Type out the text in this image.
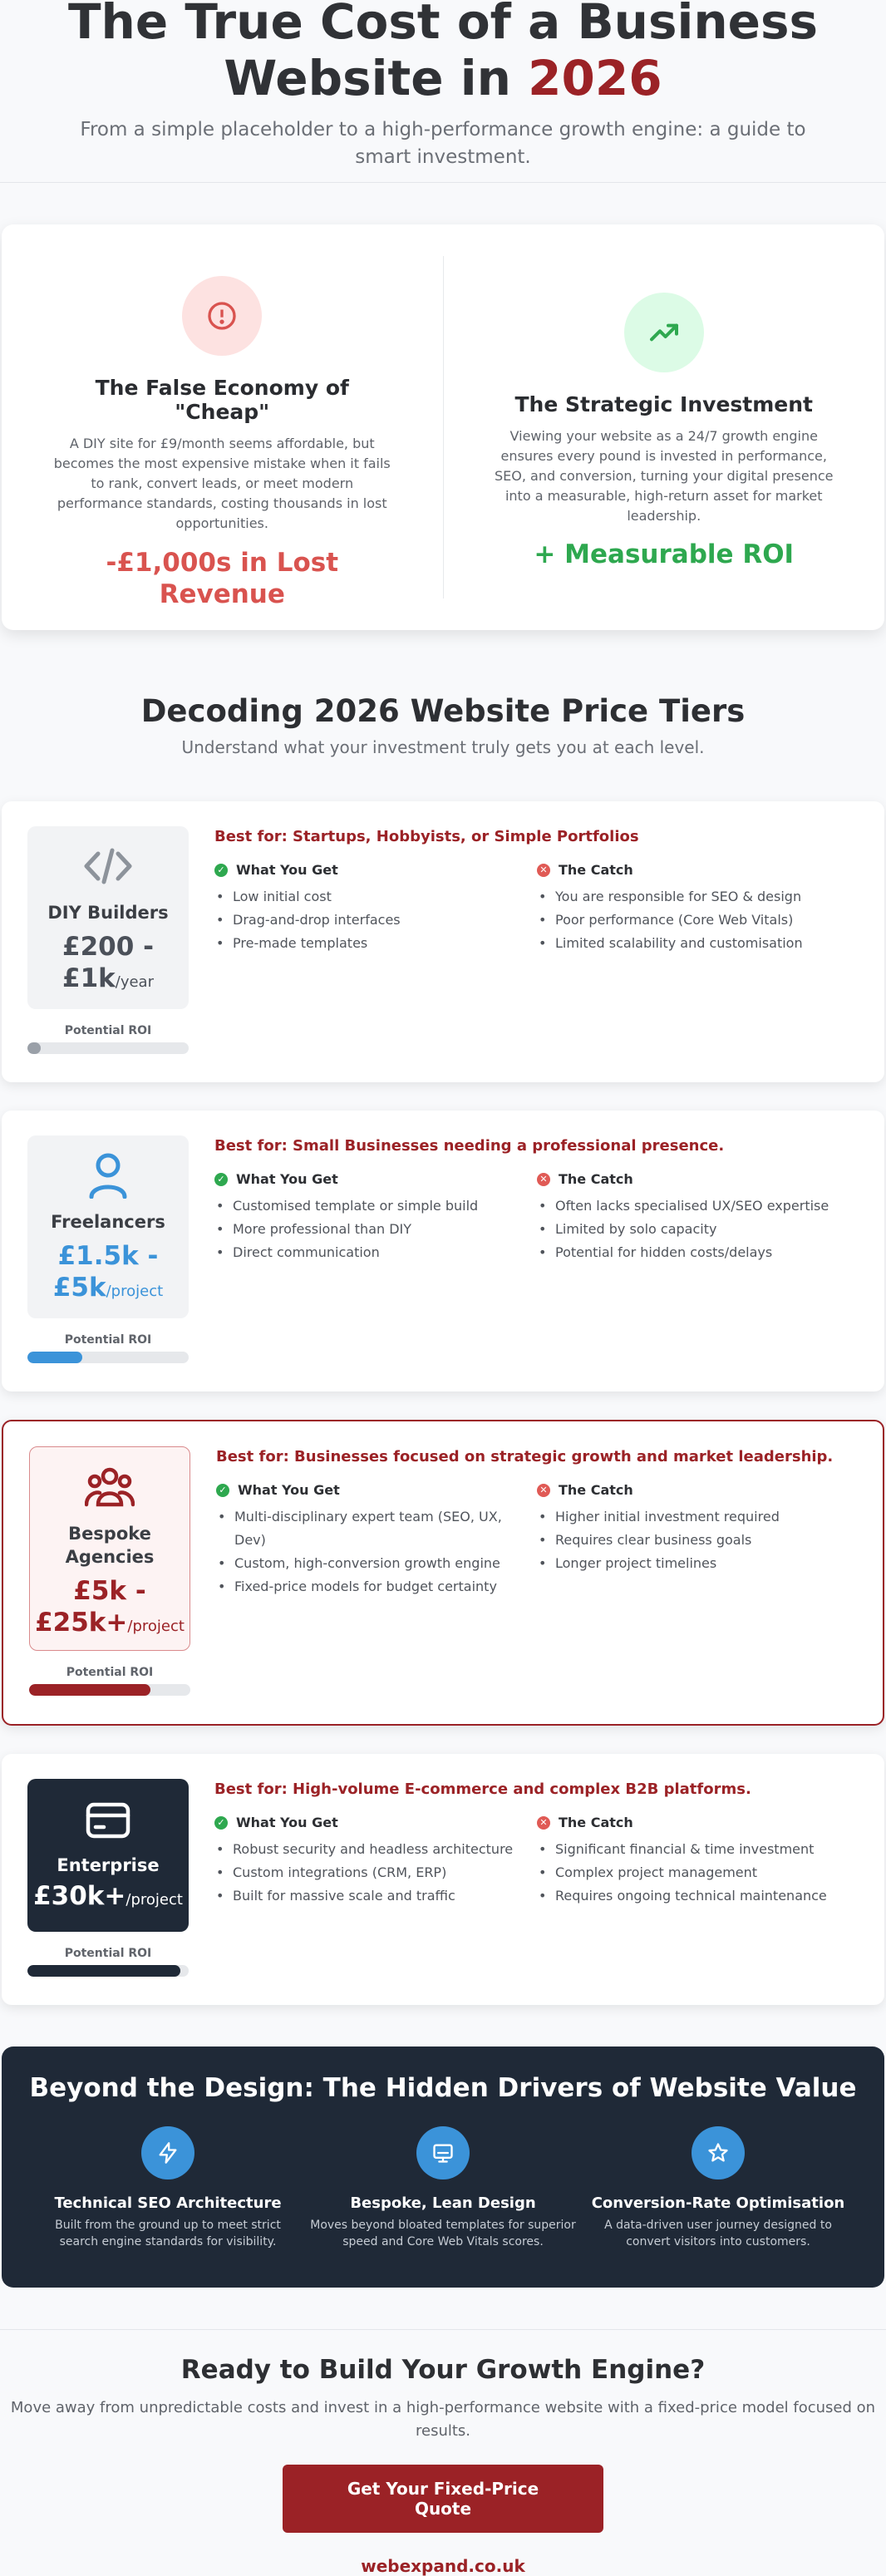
The True Cost of a Business
Website in 2026

From a simple placeholder to a high-performance growth engine: a guide to smart investment.

The False Economy of "Cheap"

A DIY site for £9/month seems affordable, but becomes the most expensive mistake when it fails to rank, convert leads, or meet modern performance standards, costing thousands in lost opportunities.

-£1,000s in Lost Revenue
The Strategic Investment

Viewing your website as a 24/7 growth engine ensures every pound is invested in performance, SEO, and conversion, turning your digital presence into a measurable, high-return asset for market leadership.

+ Measurable ROI
Decoding 2026 Website Price Tiers

Understand what your investment truly gets you at each level.

DIY Builders
£200 - £1k/year
Potential ROI
Best for: Startups, Hobbyists, or Simple Portfolios
✓ What You Get
• Low initial cost
• Drag-and-drop interfaces
• Pre-made templates
✕ The Catch
• You are responsible for SEO & design
• Poor performance (Core Web Vitals)
• Limited scalability and customisation
Freelancers
£1.5k - £5k/project
Potential ROI
Best for: Small Businesses needing a professional presence.
✓ What You Get
• Customised template or simple build
• More professional than DIY
• Direct communication
✕ The Catch
• Often lacks specialised UX/SEO expertise
• Limited by solo capacity
• Potential for hidden costs/delays
Bespoke Agencies
£5k - £25k+/project
Potential ROI
Best for: Businesses focused on strategic growth and market leadership.
✓ What You Get
• Multi-disciplinary expert team (SEO, UX, Dev)
• Custom, high-conversion growth engine
• Fixed-price models for budget certainty
✕ The Catch
• Higher initial investment required
• Requires clear business goals
• Longer project timelines
Enterprise
£30k+/project
Potential ROI
Best for: High-volume E-commerce and complex B2B platforms.
✓ What You Get
• Robust security and headless architecture
• Custom integrations (CRM, ERP)
• Built for massive scale and traffic
✕ The Catch
• Significant financial & time investment
• Complex project management
• Requires ongoing technical maintenance
Beyond the Design: The Hidden Drivers of Website Value
Technical SEO Architecture

Built from the ground up to meet strict search engine standards for visibility.

Bespoke, Lean Design

Moves beyond bloated templates for superior speed and Core Web Vitals scores.

Conversion-Rate Optimisation

A data-driven user journey designed to convert visitors into customers.

Ready to Build Your Growth Engine?

Move away from unpredictable costs and invest in a high-performance website with a fixed-price model focused on results.

Get Your Fixed-Price Quote
webexpand.co.uk
